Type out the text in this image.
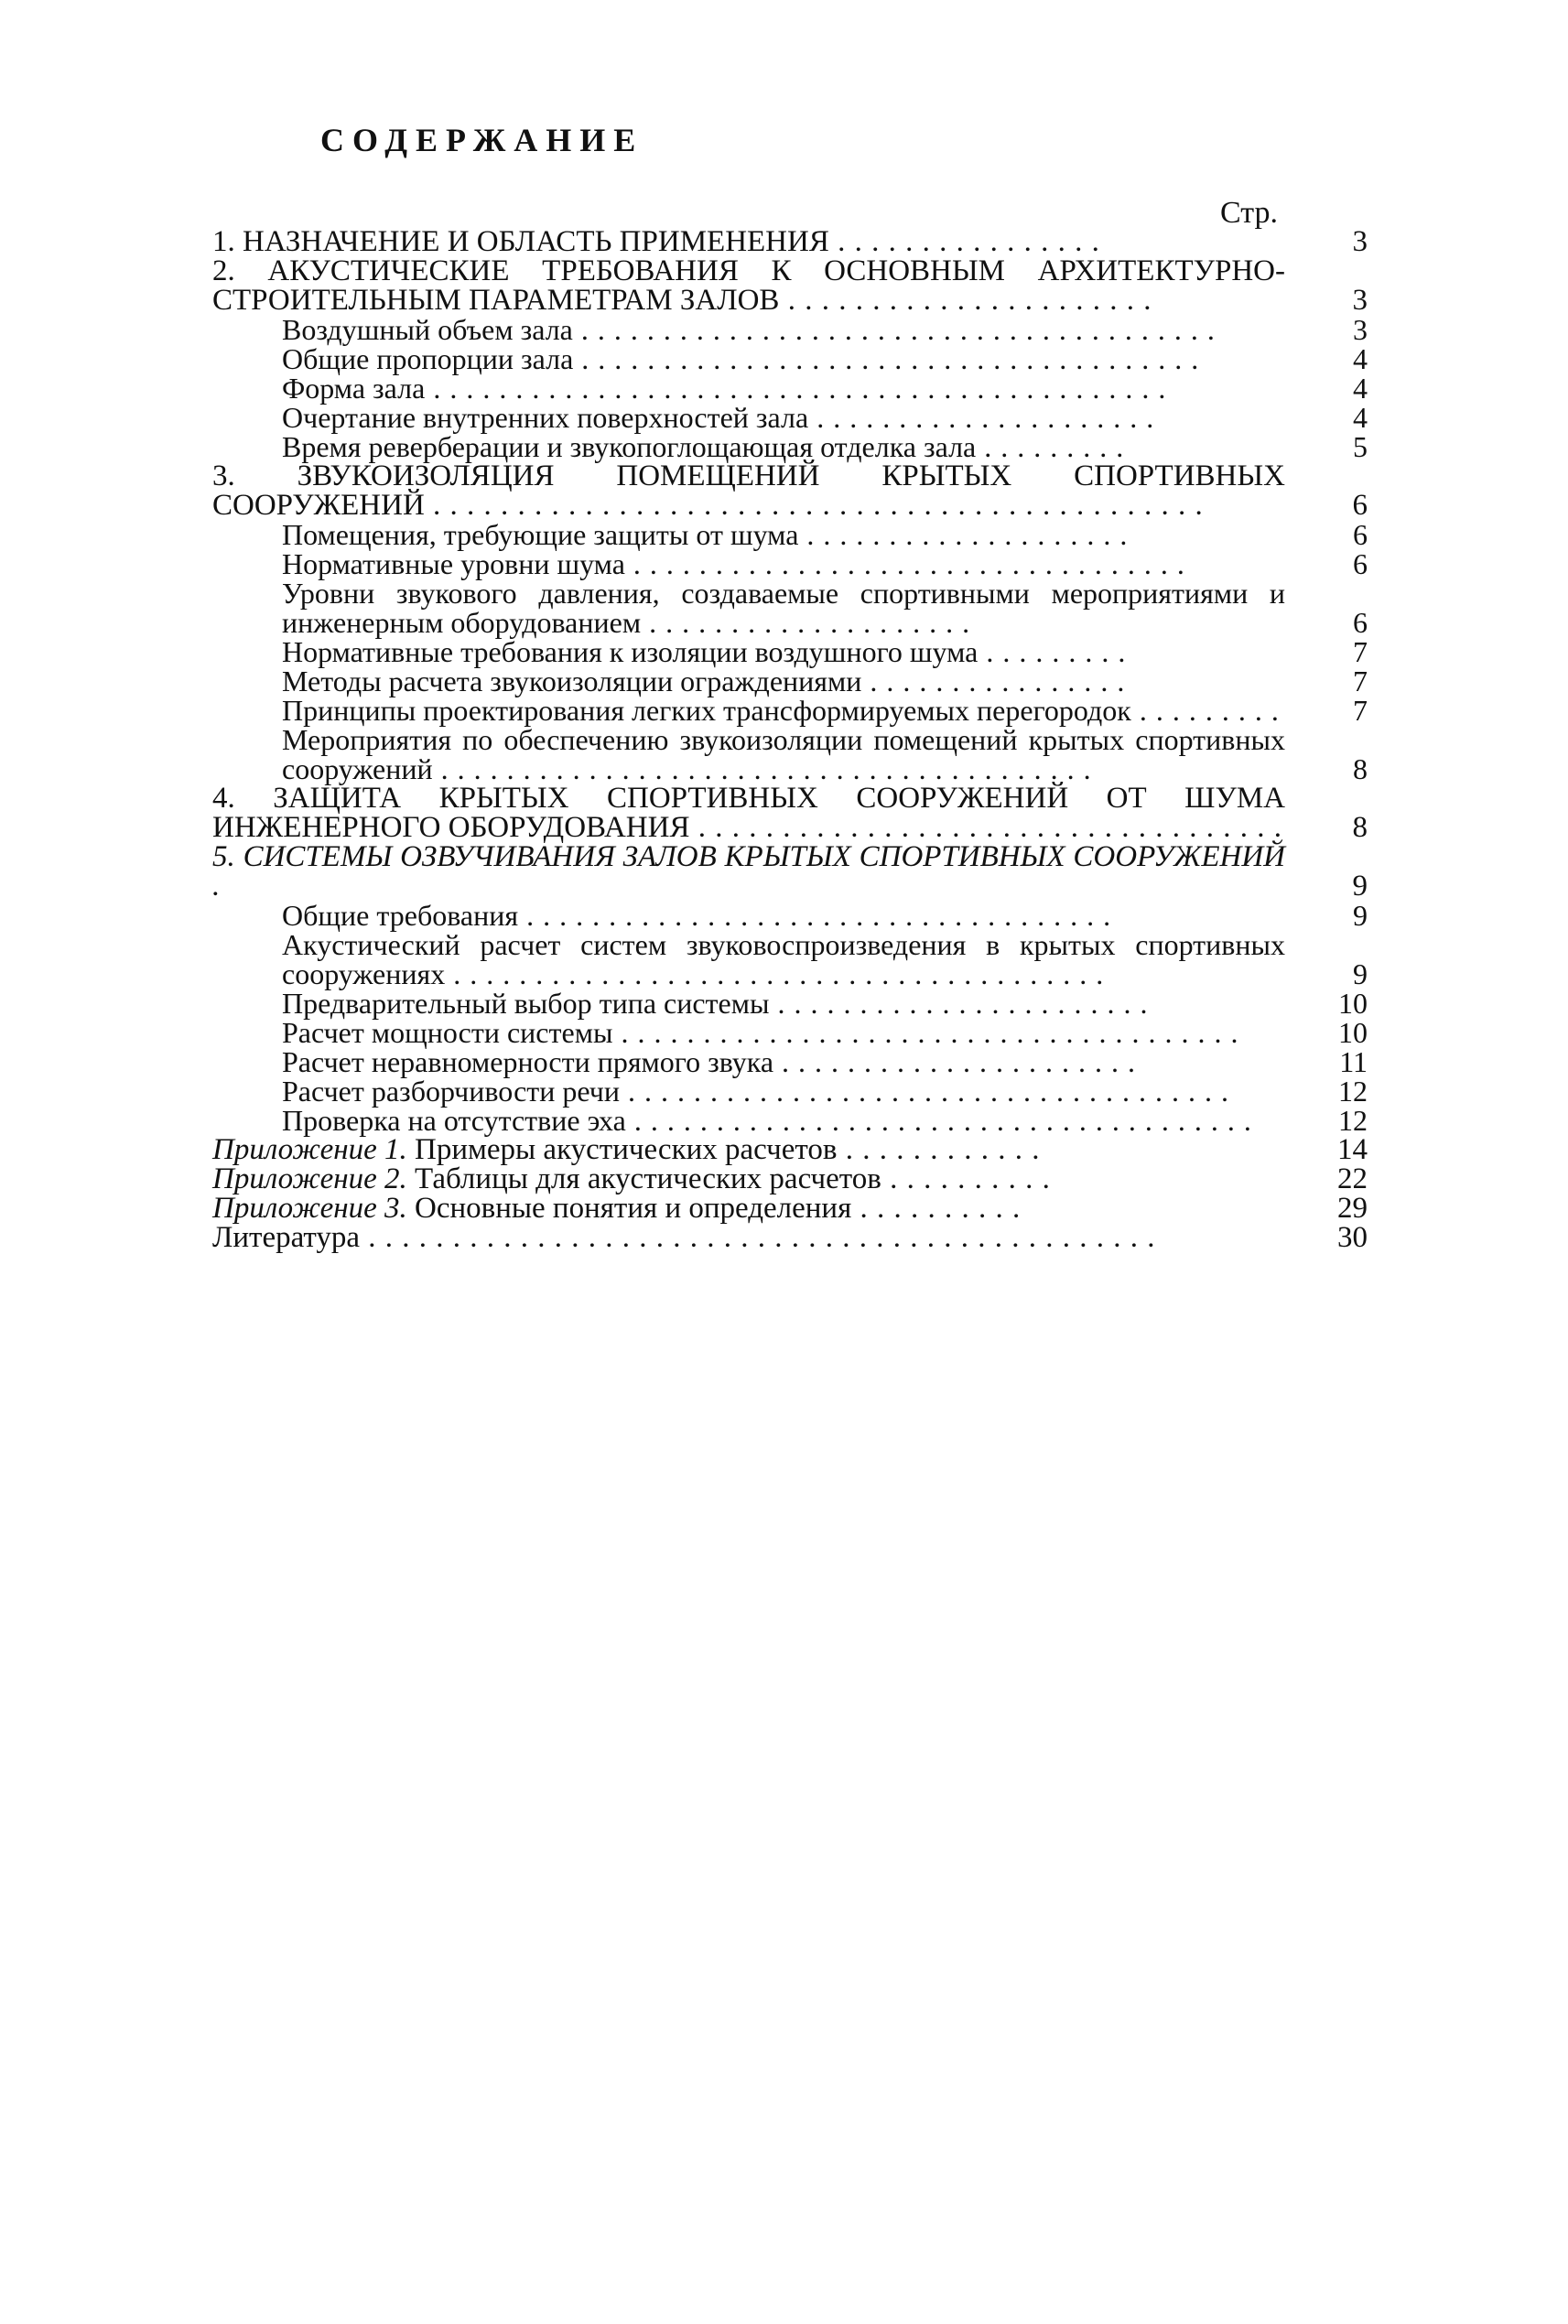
СОДЕРЖАНИЕ
Стр.
1. НАЗНАЧЕНИЕ И ОБЛАСТЬ ПРИМЕНЕНИЯ . . . . . . . . . . . . . . . .	3
2. АКУСТИЧЕСКИЕ ТРЕБОВАНИЯ К ОСНОВНЫМ АРХИТЕКТУРНО-СТРОИТЕЛЬНЫМ ПАРАМЕТРАМ ЗАЛОВ . . . . . . . . . . . . . . . . . . . . . .	3
Воздушный объем зала . . . . . . . . . . . . . . . . . . . . . . . . . . . . . . . . . . . . . . .	3
Общие пропорции зала . . . . . . . . . . . . . . . . . . . . . . . . . . . . . . . . . . . . . .	4
Форма зала . . . . . . . . . . . . . . . . . . . . . . . . . . . . . . . . . . . . . . . . . . . . .	4
Очертание внутренних поверхностей зала . . . . . . . . . . . . . . . . . . . . .	4
Время реверберации и звукопоглощающая отделка зала . . . . . . . . .	5
3. ЗВУКОИЗОЛЯЦИЯ ПОМЕЩЕНИЙ КРЫТЫХ СПОРТИВНЫХ СООРУЖЕНИЙ . . . . . . . . . . . . . . . . . . . . . . . . . . . . . . . . . . . . . . . . . . . . . .	6
Помещения, требующие защиты от шума . . . . . . . . . . . . . . . . . . . .	6
Нормативные уровни шума . . . . . . . . . . . . . . . . . . . . . . . . . . . . . . . . . .	6
Уровни звукового давления, создаваемые спортивными мероприятиями и инженерным оборудованием . . . . . . . . . . . . . . . . . . . .	6
Нормативные требования к изоляции воздушного шума . . . . . . . . .	7
Методы расчета звукоизоляции ограждениями . . . . . . . . . . . . . . . .	7
Принципы проектирования легких трансформируемых перегородок . . . . . . . . .	7
Мероприятия по обеспечению звукоизоляции помещений крытых спортивных сооружений . . . . . . . . . . . . . . . . . . . . . . . . . . . . . . . . . . . . . . . .	8
4. ЗАЩИТА КРЫТЫХ СПОРТИВНЫХ СООРУЖЕНИЙ ОТ ШУМА ИНЖЕНЕРНОГО ОБОРУДОВАНИЯ . . . . . . . . . . . . . . . . . . . . . . . . . . . . . . . . . . .	8
5. СИСТЕМЫ ОЗВУЧИВАНИЯ ЗАЛОВ КРЫТЫХ СПОРТИВНЫХ СООРУЖЕНИЙ .	9
Общие требования . . . . . . . . . . . . . . . . . . . . . . . . . . . . . . . . . . . .	9
Акустический расчет систем звуковоспроизведения в крытых спортивных сооружениях . . . . . . . . . . . . . . . . . . . . . . . . . . . . . . . . . . . . . . . .	9
Предварительный выбор типа системы . . . . . . . . . . . . . . . . . . . . . . .	10
Расчет мощности системы . . . . . . . . . . . . . . . . . . . . . . . . . . . . . . . . . . . . . .	10
Расчет неравномерности прямого звука . . . . . . . . . . . . . . . . . . . . . .	11
Расчет разборчивости речи . . . . . . . . . . . . . . . . . . . . . . . . . . . . . . . . . . . . .	12
Проверка на отсутствие эха . . . . . . . . . . . . . . . . . . . . . . . . . . . . . . . . . . . . . .	12
Приложение 1. Примеры акустических расчетов . . . . . . . . . . . .	14
Приложение 2. Таблицы для акустических расчетов . . . . . . . . . .	22
Приложение 3. Основные понятия и определения . . . . . . . . . .	29
Литература . . . . . . . . . . . . . . . . . . . . . . . . . . . . . . . . . . . . . . . . . . . . . . .	30
